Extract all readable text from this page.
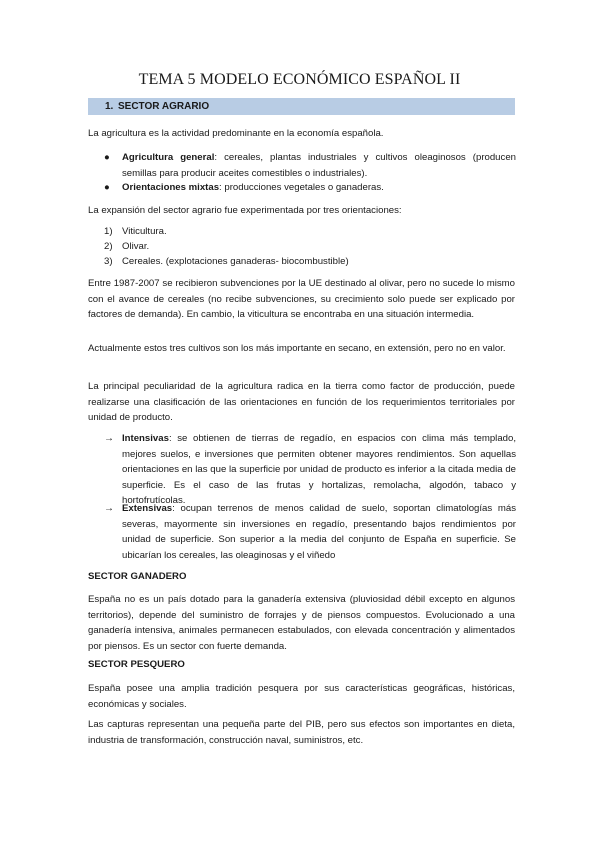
TEMA 5 MODELO ECONÓMICO ESPAÑOL II
1. SECTOR AGRARIO

La agricultura es la actividad predominante en la economía española.

● Agricultura general: cereales, plantas industriales y cultivos oleaginosos (producen semillas para producir aceites comestibles o industriales).

● Orientaciones mixtas: producciones vegetales o ganaderas.

La expansión del sector agrario fue experimentada por tres orientaciones:

1) Viticultura.
2) Olivar.
3) Cereales. (explotaciones ganaderas- biocombustible)

Entre 1987-2007 se recibieron subvenciones por la UE destinado al olivar, pero no sucede lo mismo con el avance de cereales (no recibe subvenciones, su crecimiento solo puede ser explicado por factores de demanda). En cambio, la viticultura se encontraba en una situación intermedia.

Actualmente estos tres cultivos son los más importante en secano, en extensión, pero no en valor.

La principal peculiaridad de la agricultura radica en la tierra como factor de producción, puede realizarse una clasificación de las orientaciones en función de los requerimientos territoriales por unidad de producto.

→ Intensivas: se obtienen de tierras de regadío, en espacios con clima más templado, mejores suelos, e inversiones que permiten obtener mayores rendimientos. Son aquellas orientaciones en las que la superficie por unidad de producto es inferior a la citada media de superficie. Es el caso de las frutas y hortalizas, remolacha, algodón, tabaco y hortofrutícolas.

→ Extensivas: ocupan terrenos de menos calidad de suelo, soportan climatologías más severas, mayormente sin inversiones en regadío, presentando bajos rendimientos por unidad de superficie. Son superior a la media del conjunto de España en superficie. Se ubicarían los cereales, las oleaginosas y el viñedo

SECTOR GANADERO

España no es un país dotado para la ganadería extensiva (pluviosidad débil excepto en algunos territorios), depende del suministro de forrajes y de piensos compuestos. Evolucionado a una ganadería intensiva, animales permanecen estabulados, con elevada concentración y alimentados por piensos. Es un sector con fuerte demanda.

SECTOR PESQUERO

España posee una amplia tradición pesquera por sus características geográficas, históricas, económicas y sociales.

Las capturas representan una pequeña parte del PIB, pero sus efectos son importantes en dieta, industria de transformación, construcción naval, suministros, etc.
